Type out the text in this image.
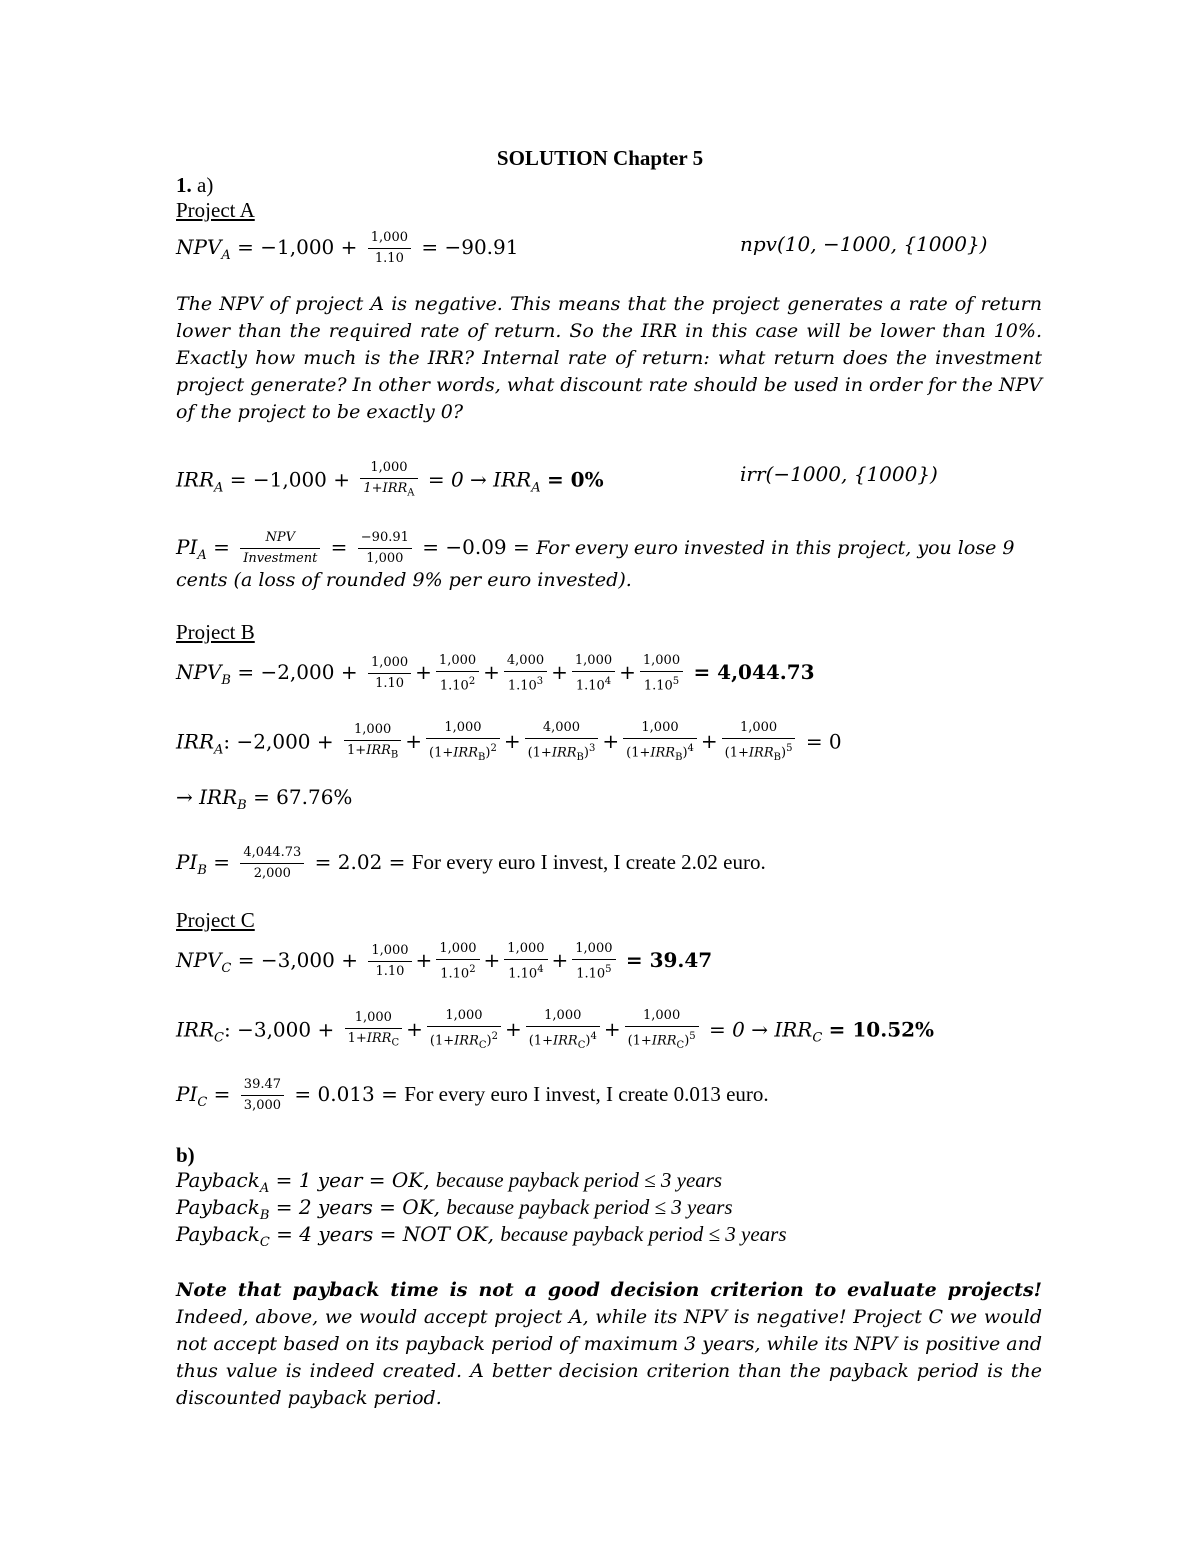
SOLUTION Chapter 5
1. a)
Project A
$NPV_A = -1,000 + \frac{1,000}{1.10} = -90.91$	npv(10, −1000, {1000})
The NPV of project A is negative. This means that the project generates a rate of return lower than the required rate of return. So the IRR in this case will be lower than 10%. Exactly how much is the IRR? Internal rate of return: what return does the investment project generate? In other words, what discount rate should be used in order for the NPV of the project to be exactly 0?
$IRR_A = -1,000$ +	1,000
$1+IRR_A$
= $0 \to IRR_A = 0\%$	irr(−1000, {1000})
$PI_A$ =	NPV
Investment = $\frac{-90.91}{1,000} = -0.09$ = For every euro invested in this project, you lose 9
cents (a loss of rounded 9% per euro invested).
Project B
$NPV_B = -2,000 + \frac{1,000}{1.10} + \frac{1,000}{1.10^2} + \frac{4,000}{1.10^3} + \frac{1,000}{1.10^4} + \frac{1,000}{1.10^5} = 4,044.73$
$IRR_A$: −2,000 +	1,000
$1+IRR_B$
+
1,000
$(1+IRR_B)^2$ +
4,000
$(1+IRR_B)^3$ +
1,000
$(1+IRR_B)^4$ +
1,000
$(1+IRR_B)^5 = 0$
→ $IRR_B = 67.76\%$
$PI_B = \frac{4,044.73}{2,000} = 2.02$ = For every euro I invest, I create 2.02 euro.
Project C
$NPV_C = -3,000 + \frac{1,000}{1.10} + \frac{1,000}{1.10^2} + \frac{1,000}{1.10^4} + \frac{1,000}{1.10^5} = 39.47$
$IRR_C$: −3,000 +	1,000
$1+IRR_C$
+
1,000
$(1+IRR_C)^2$ +
1,000
$(1+IRR_C)^4$ +
1,000
$(1+IRR_C)^5 = 0 \to IRR_C = 10.52\%$
$PI_C = \frac{39.47}{3,000} = 0.013$ = For every euro I invest, I create 0.013 euro.
b)
Payback$_A$ = 1 year = OK, because payback period ≤ 3 years
Payback$_B$ = 2 years = OK, because payback period ≤ 3 years
Payback$_C$ = 4 years = NOT OK, because payback period ≤ 3 years
Note that payback time is not a good decision criterion to evaluate projects! Indeed, above, we would accept project A, while its NPV is negative! Project C we would not accept based on its payback period of maximum 3 years, while its NPV is positive and thus value is indeed created. A better decision criterion than the payback period is the discounted payback period.
